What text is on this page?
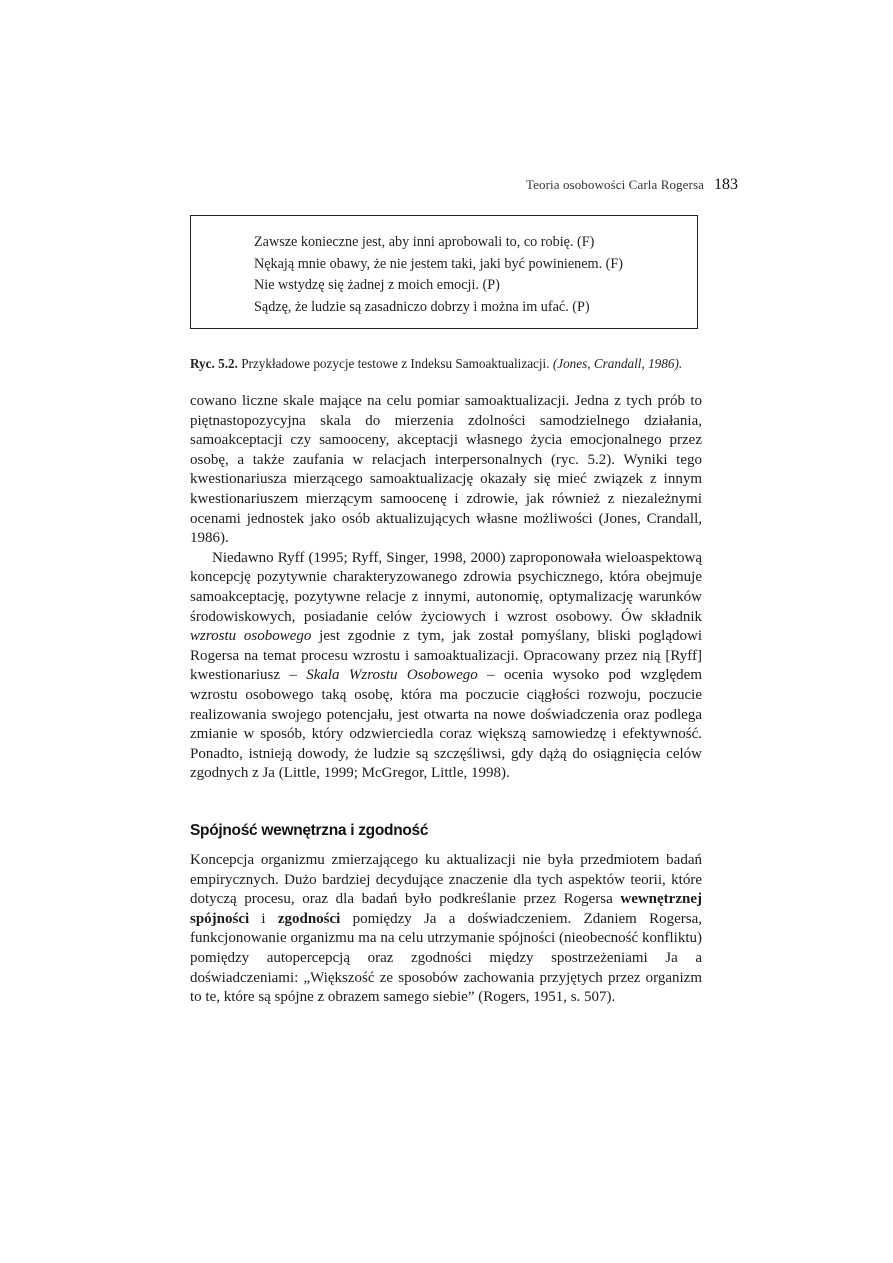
Teoria osobowości Carla Rogersa 183
Zawsze konieczne jest, aby inni aprobowali to, co robię. (F)
Nękają mnie obawy, że nie jestem taki, jaki być powinienem. (F)
Nie wstydzę się żadnej z moich emocji. (P)
Sądzę, że ludzie są zasadniczo dobrzy i można im ufać. (P)
Ryc. 5.2. Przykładowe pozycje testowe z Indeksu Samoaktualizacji. (Jones, Crandall, 1986).

cowano liczne skale mające na celu pomiar samoaktualizacji. Jedna z tych prób to piętnastopozycyjna skala do mierzenia zdolności samodzielnego działania, samoakceptacji czy samooceny, akceptacji własnego życia emocjonalnego przez osobę, a także zaufania w relacjach interpersonalnych (ryc. 5.2). Wyniki tego kwestionariusza mierzącego samoaktualizację okazały się mieć związek z innym kwestionariuszem mierzącym samoocenę i zdrowie, jak również z niezależnymi ocenami jednostek jako osób aktualizujących własne możliwości (Jones, Crandall, 1986).

Niedawno Ryff (1995; Ryff, Singer, 1998, 2000) zaproponowała wieloaspektową koncepcję pozytywnie charakteryzowanego zdrowia psychicznego, która obejmuje samoakceptację, pozytywne relacje z innymi, autonomię, optymalizację warunków środowiskowych, posiadanie celów życiowych i wzrost osobowy. Ów składnik wzrostu osobowego jest zgodnie z tym, jak został pomyślany, bliski poglądowi Rogersa na temat procesu wzrostu i samoaktualizacji. Opracowany przez nią [Ryff] kwestionariusz – Skala Wzrostu Osobowego – ocenia wysoko pod względem wzrostu osobowego taką osobę, która ma poczucie ciągłości rozwoju, poczucie realizowania swojego potencjału, jest otwarta na nowe doświadczenia oraz podlega zmianie w sposób, który odzwierciedla coraz większą samowiedzę i efektywność. Ponadto, istnieją dowody, że ludzie są szczęśliwsi, gdy dążą do osiągnięcia celów zgodnych z Ja (Little, 1999; McGregor, Little, 1998).

Spójność wewnętrzna i zgodność

Koncepcja organizmu zmierzającego ku aktualizacji nie była przedmiotem badań empirycznych. Dużo bardziej decydujące znaczenie dla tych aspektów teorii, które dotyczą procesu, oraz dla badań było podkreślanie przez Rogersa wewnętrznej spójności i zgodności pomiędzy Ja a doświadczeniem. Zdaniem Rogersa, funkcjonowanie organizmu ma na celu utrzymanie spójności (nieobecność konfliktu) pomiędzy autopercepcją oraz zgodności między spostrzeżeniami Ja a doświadczeniami: „Większość ze sposobów zachowania przyjętych przez organizm to te, które są spójne z obrazem samego siebie” (Rogers, 1951, s. 507).
